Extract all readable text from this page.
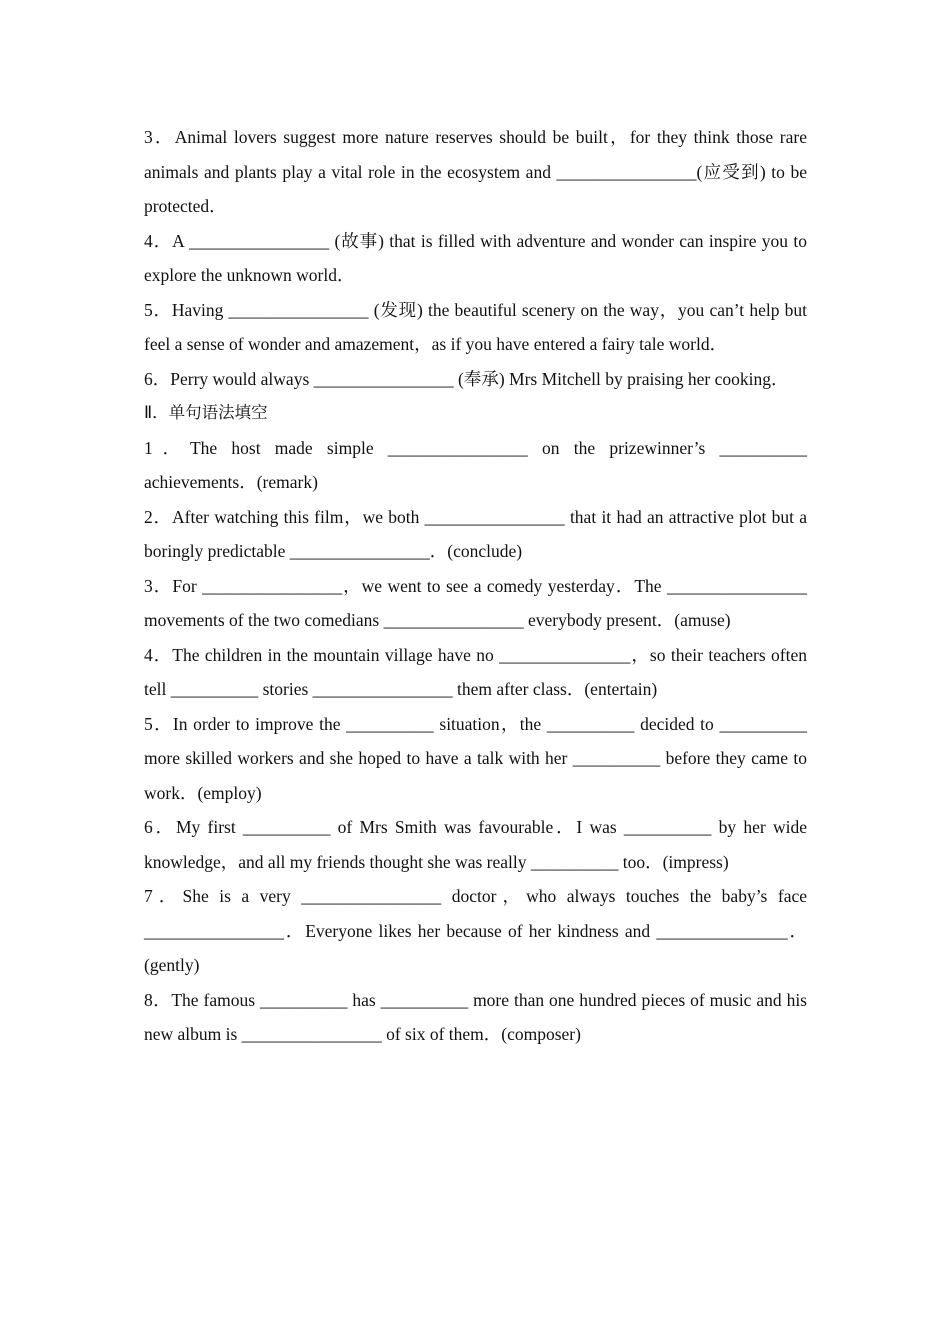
3．Animal lovers suggest more nature reserves should be built，for they think those rare animals and plants play a vital role in the ecosystem and ________________(应受到) to be protected．

4．A ________________ (故事) that is filled with adventure and wonder can inspire you to explore the unknown world．

5．Having ________________ (发现) the beautiful scenery on the way，you can’t help but feel a sense of wonder and amazement，as if you have entered a fairy tale world．

6．Perry would always ________________ (奉承) Mrs Mitchell by praising her cooking．

Ⅱ．单句语法填空

1．The host made simple ________________ on the prizewinner’s __________ achievements．(remark)

2．After watching this film，we both ________________ that it had an attractive plot but a boringly predictable ________________．(conclude)

3．For ________________，we went to see a comedy yesterday．The ________________ movements of the two comedians ________________ everybody present．(amuse)

4．The children in the mountain village have no _______________，so their teachers often tell __________ stories ________________ them after class．(entertain)

5．In order to improve the __________ situation，the __________ decided to __________ more skilled workers and she hoped to have a talk with her __________ before they came to work．(employ)

6．My first __________ of Mrs Smith was favourable．I was __________ by her wide knowledge，and all my friends thought she was really __________ too．(impress)

7．She is a very ________________ doctor，who always touches the baby’s face ________________．Everyone likes her because of her kindness and _______________．(gently)

8．The famous __________ has __________ more than one hundred pieces of music and his new album is ________________ of six of them．(composer)
